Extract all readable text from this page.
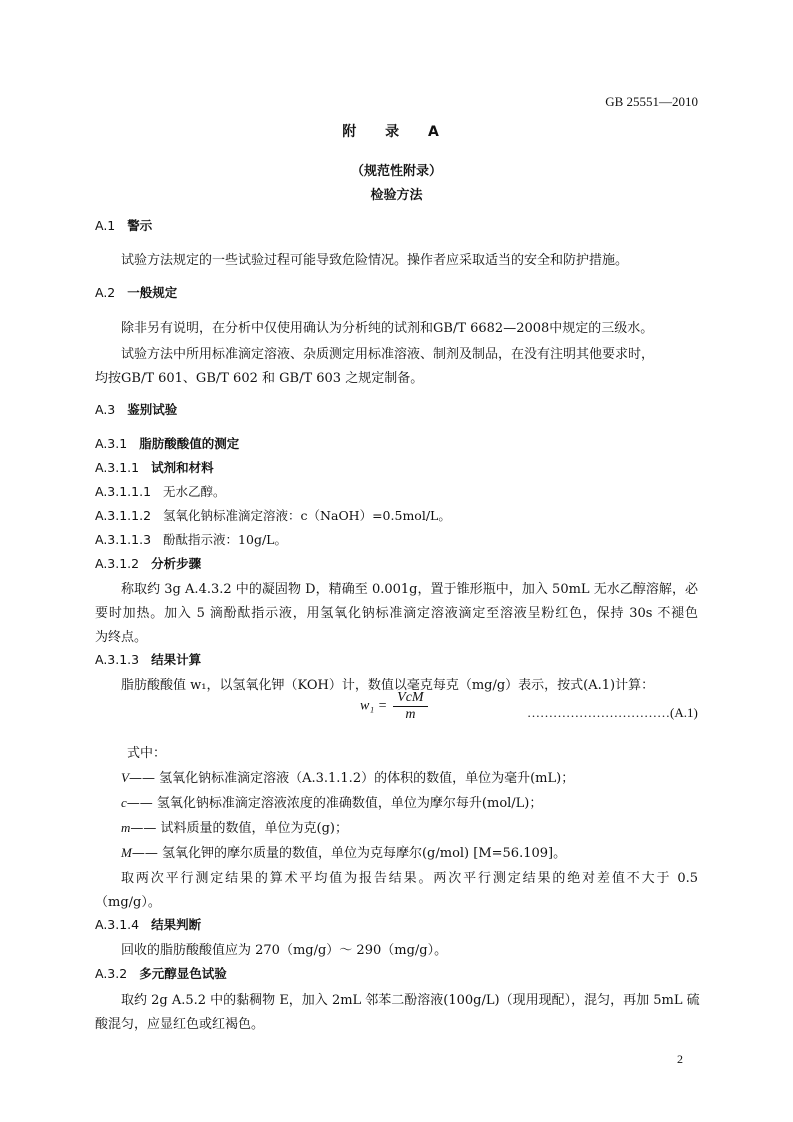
GB 25551—2010
附 录 A
（规范性附录）
检验方法
A.1 警示
试验方法规定的一些试验过程可能导致危险情况。操作者应采取适当的安全和防护措施。
A.2 一般规定
除非另有说明，在分析中仅使用确认为分析纯的试剂和GB/T 6682—2008中规定的三级水。
试验方法中所用标准滴定溶液、杂质测定用标准溶液、制剂及制品，在没有注明其他要求时，
均按GB/T 601、GB/T 602 和 GB/T 603 之规定制备。
A.3 鉴别试验
A.3.1 脂肪酸酸值的测定
A.3.1.1 试剂和材料
A.3.1.1.1 无水乙醇。
A.3.1.1.2 氢氧化钠标准滴定溶液：c（NaOH）=0.5mol/L。
A.3.1.1.3 酚酞指示液：10g/L。
A.3.1.2 分析步骤
称取约 3g A.4.3.2 中的凝固物 D，精确至 0.001g，置于锥形瓶中，加入 50mL 无水乙醇溶解，必
要时加热。加入 5 滴酚酞指示液，用氢氧化钠标准滴定溶液滴定至溶液呈粉红色，保持 30s 不褪色
为终点。
A.3.1.3 结果计算
脂肪酸酸值 w₁，以氢氧化钾（KOH）计，数值以毫克每克（mg/g）表示，按式(A.1)计算：
$w_1 = \frac{\text{VcM}}{m}$	……………………………(A.1)
式中：
V—— 氢氧化钠标准滴定溶液（A.3.1.1.2）的体积的数值，单位为毫升(mL)；
c—— 氢氧化钠标准滴定溶液浓度的准确数值，单位为摩尔每升(mol/L)；
m—— 试料质量的数值，单位为克(g)；
M—— 氢氧化钾的摩尔质量的数值，单位为克每摩尔(g/mol) [M=56.109]。
取两次平行测定结果的算术平均值为报告结果。两次平行测定结果的绝对差值不大于 0.5
（mg/g）。
A.3.1.4 结果判断
回收的脂肪酸酸值应为 270（mg/g）～ 290（mg/g）。
A.3.2 多元醇显色试验
取约 2g A.5.2 中的黏稠物 E，加入 2mL 邻苯二酚溶液(100g/L)（现用现配），混匀，再加 5mL 硫
酸混匀，应显红色或红褐色。
2
